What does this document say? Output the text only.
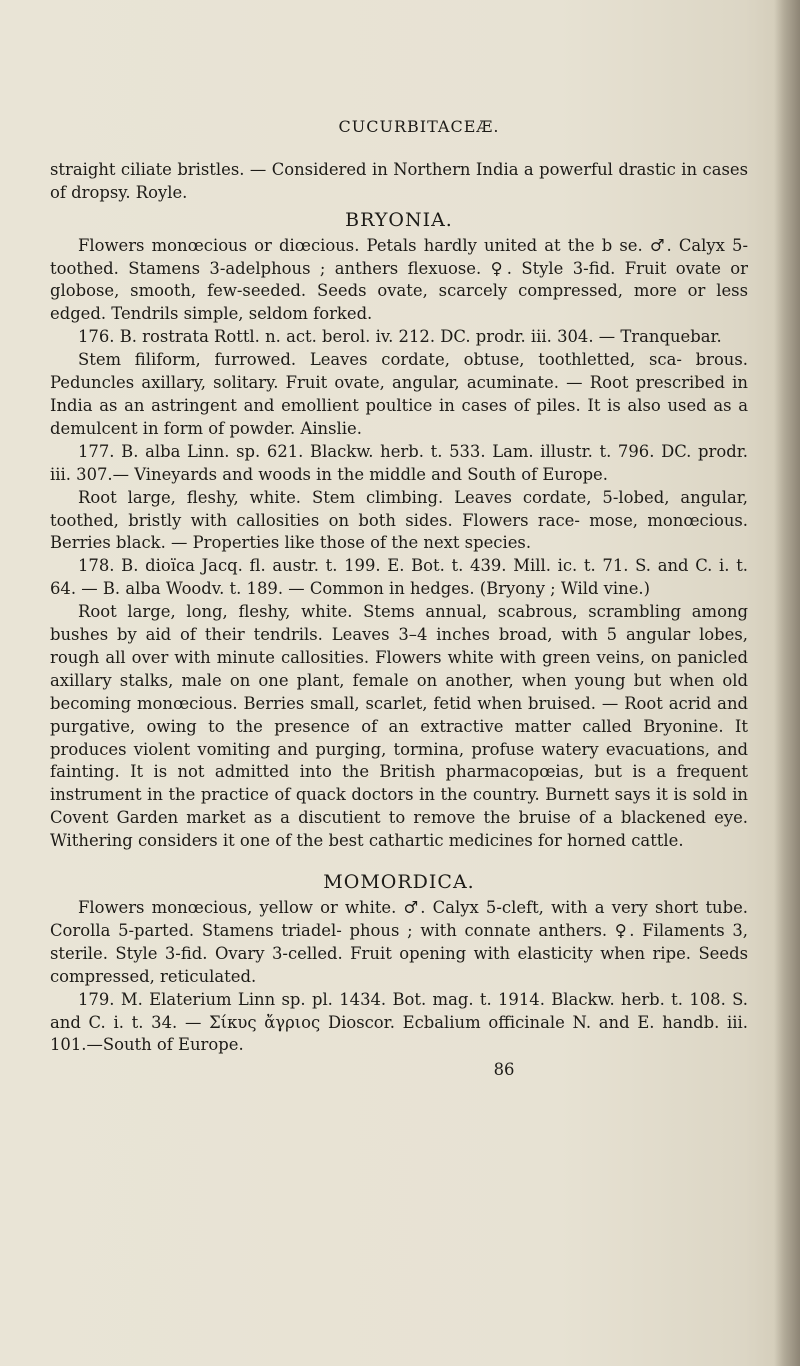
CUCURBITACEÆ.

straight ciliate bristles. — Considered in Northern India a powerful drastic in cases of dropsy. Royle.

BRYONIA.

Flowers monœcious or diœcious. Petals hardly united at the b se. ♂. Calyx 5-toothed. Stamens 3-adelphous ; anthers flexuose. ♀. Style 3-fid. Fruit ovate or globose, smooth, few-seeded. Seeds ovate, scarcely compressed, more or less edged. Tendrils simple, seldom forked.

176. B. rostrata Rottl. n. act. berol. iv. 212. DC. prodr. iii. 304. — Tranquebar.

Stem filiform, furrowed. Leaves cordate, obtuse, toothletted, sca- brous. Peduncles axillary, solitary. Fruit ovate, angular, acuminate. — Root prescribed in India as an astringent and emollient poultice in cases of piles. It is also used as a demulcent in form of powder. Ainslie.

177. B. alba Linn. sp. 621. Blackw. herb. t. 533. Lam. illustr. t. 796. DC. prodr. iii. 307.— Vineyards and woods in the middle and South of Europe.

Root large, fleshy, white. Stem climbing. Leaves cordate, 5-lobed, angular, toothed, bristly with callosities on both sides. Flowers race- mose, monœcious. Berries black. — Properties like those of the next species.

178. B. dioïca Jacq. fl. austr. t. 199. E. Bot. t. 439. Mill. ic. t. 71. S. and C. i. t. 64. — B. alba Woodv. t. 189. — Common in hedges. (Bryony ; Wild vine.)

Root large, long, fleshy, white. Stems annual, scabrous, scrambling among bushes by aid of their tendrils. Leaves 3–4 inches broad, with 5 angular lobes, rough all over with minute callosities. Flowers white with green veins, on panicled axillary stalks, male on one plant, female on another, when young but when old becoming monœcious. Berries small, scarlet, fetid when bruised. — Root acrid and purgative, owing to the presence of an extractive matter called Bryonine. It produces violent vomiting and purging, tormina, profuse watery evacuations, and fainting. It is not admitted into the British pharmacopœias, but is a frequent instrument in the practice of quack doctors in the country. Burnett says it is sold in Covent Garden market as a discutient to remove the bruise of a blackened eye. Withering considers it one of the best cathartic medicines for horned cattle.

MOMORDICA.

Flowers monœcious, yellow or white. ♂. Calyx 5-cleft, with a very short tube. Corolla 5-parted. Stamens triadel- phous ; with connate anthers. ♀. Filaments 3, sterile. Style 3-fid. Ovary 3-celled. Fruit opening with elasticity when ripe. Seeds compressed, reticulated.

179. M. Elaterium Linn sp. pl. 1434. Bot. mag. t. 1914. Blackw. herb. t. 108. S. and C. i. t. 34. — Σίκυς ἄγριος Dioscor. Ecbalium officinale N. and E. handb. iii. 101.—South of Europe.

86
